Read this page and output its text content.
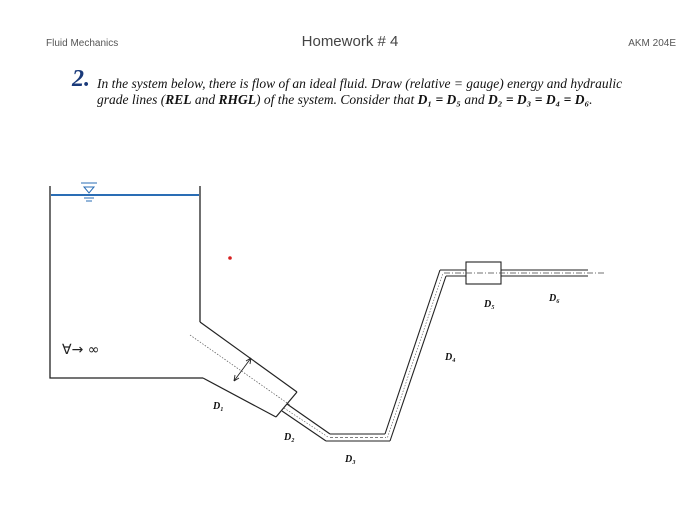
Fluid Mechanics	Homework # 4	AKM 204E
2. In the system below, there is flow of an ideal fluid. Draw (relative = gauge) energy and hydraulic
grade lines (REL and RHGL) of the system. Consider that D₁ = D₅ and D₂ = D₃ = D₄ = D₆.
∀→ ∞
D₁
D₂
D₃
D₄
D₅
D₆
